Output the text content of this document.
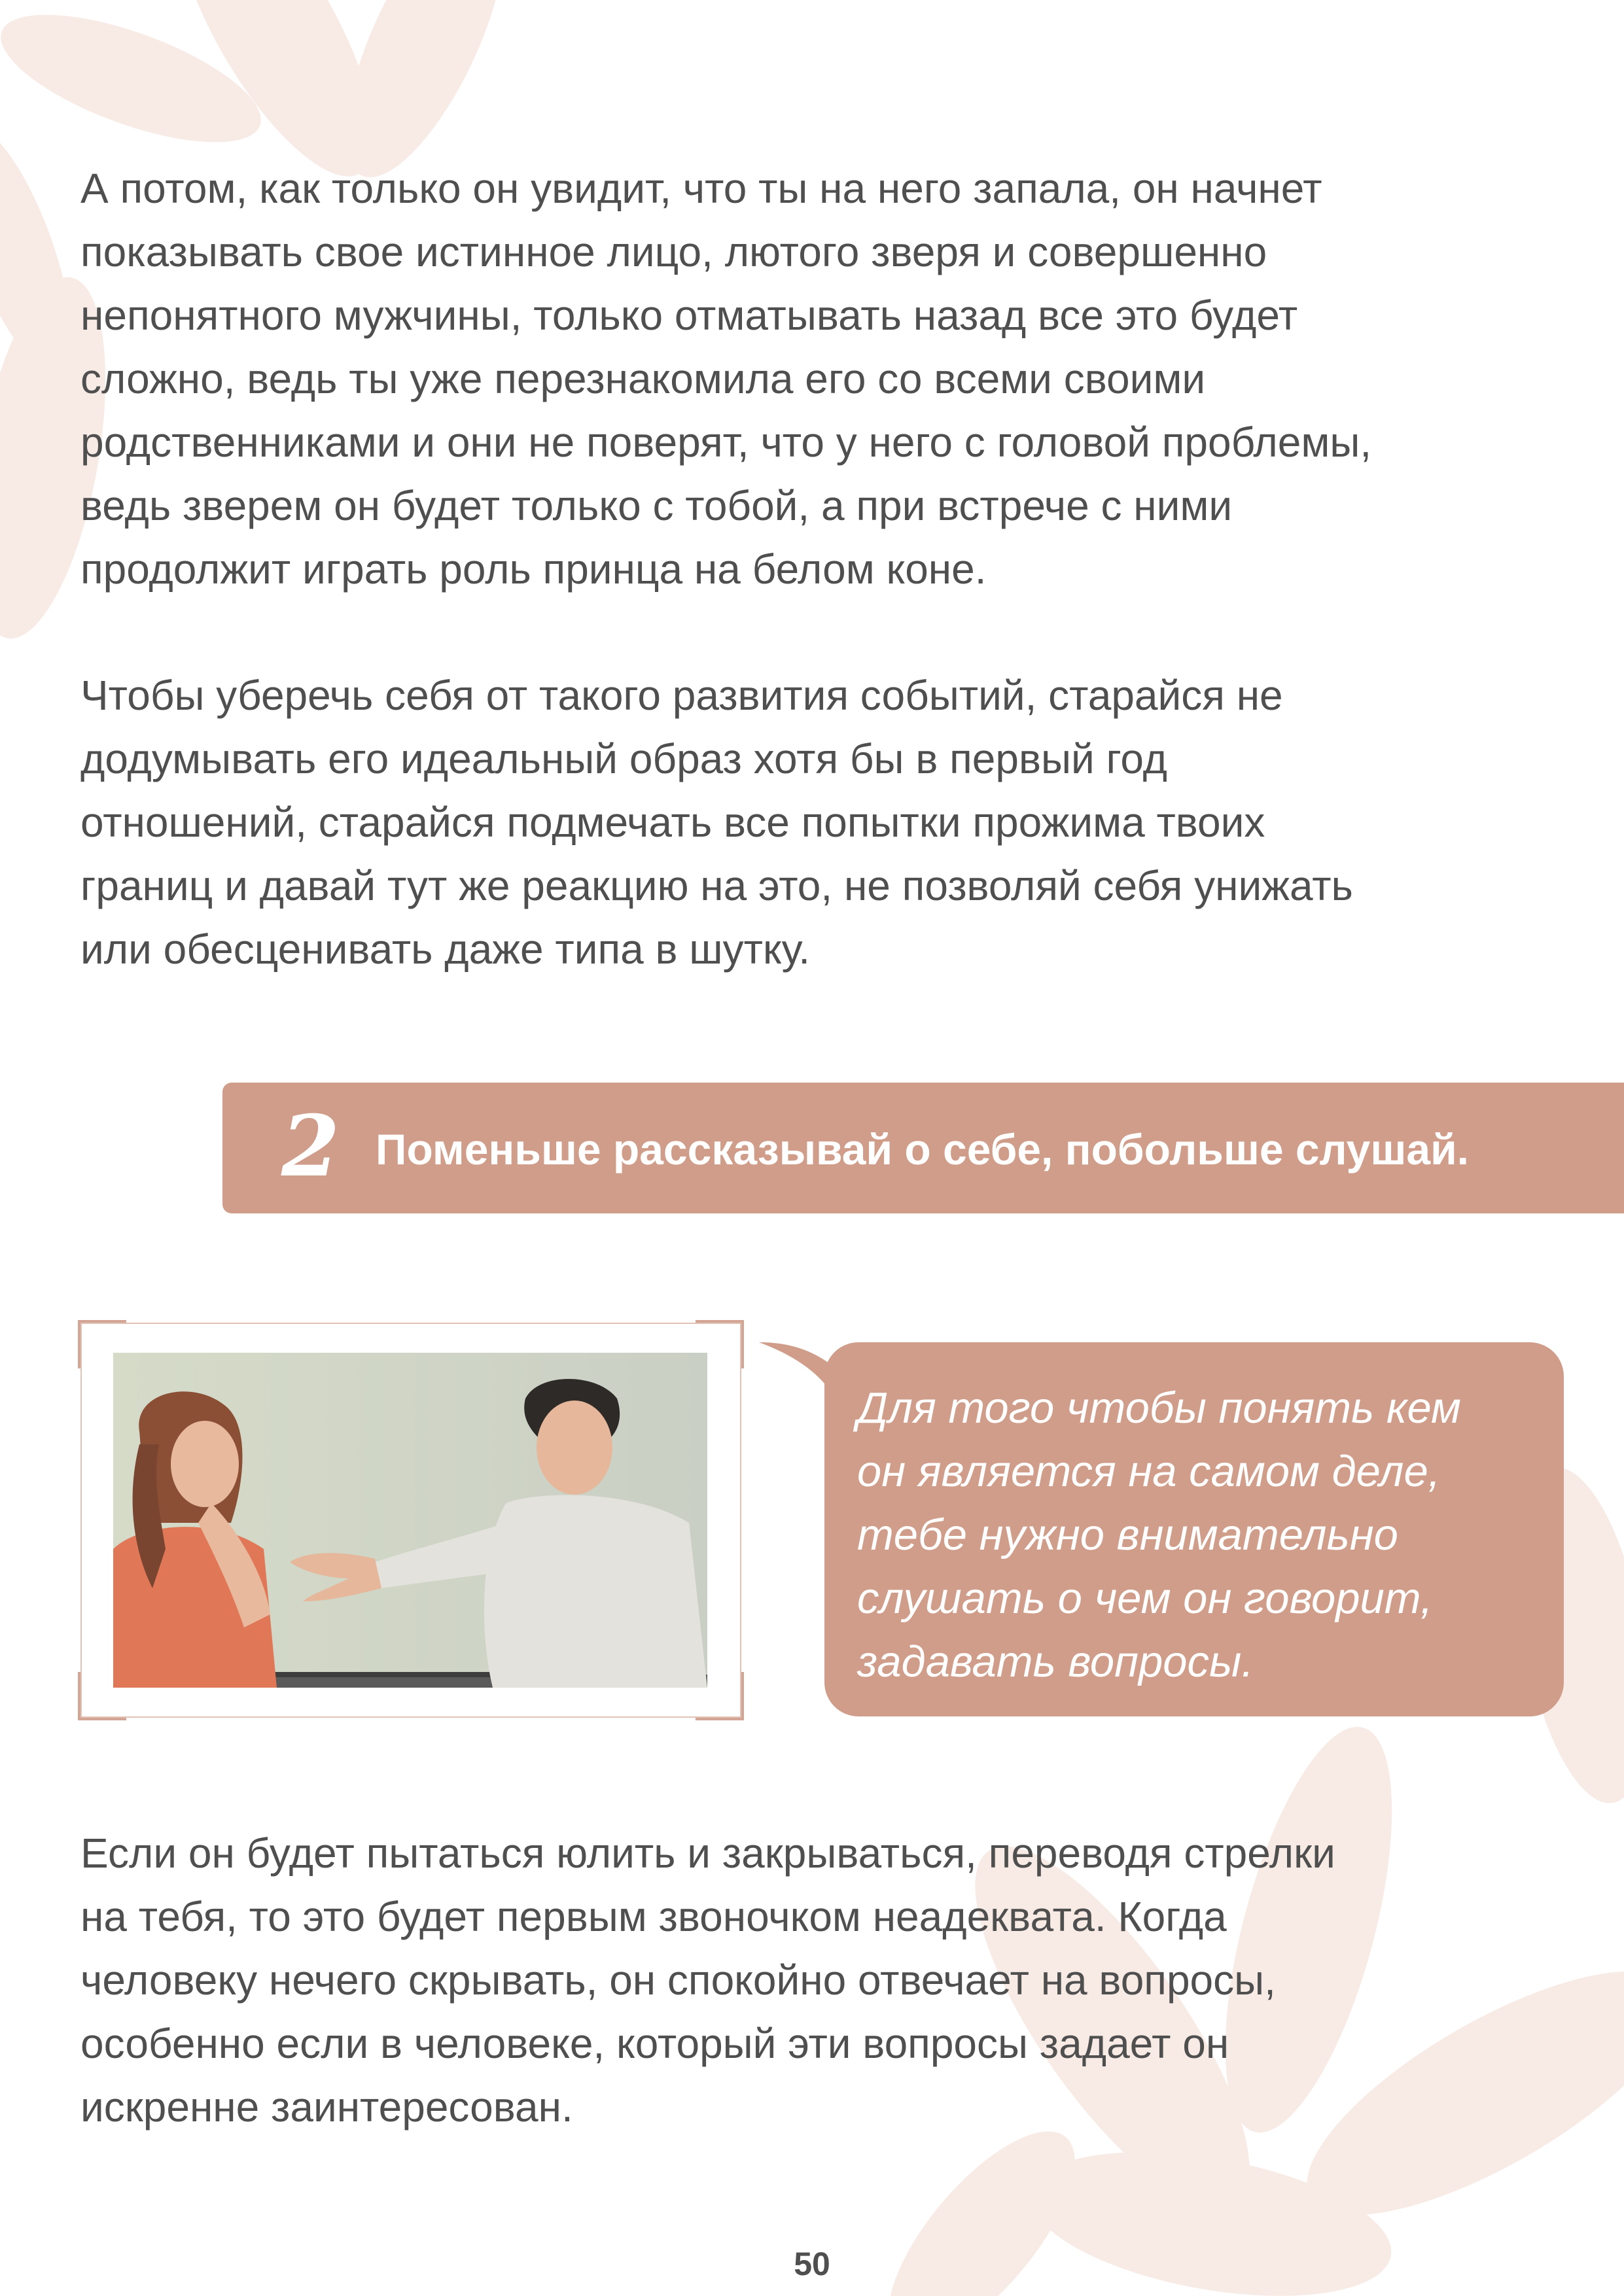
А потом, как только он увидит, что ты на него запала, он начнет
показывать свое истинное лицо, лютого зверя и совершенно
непонятного мужчины, только отматывать назад все это будет
сложно, ведь ты уже перезнакомила его со всеми своими
родственниками и они не поверят, что у него с головой проблемы,
ведь зверем он будет только с тобой, а при встрече с ними
продолжит играть роль принца на белом коне.
Чтобы уберечь себя от такого развития событий, старайся не
додумывать его идеальный образ хотя бы в первый год
отношений, старайся подмечать все попытки прожима твоих
границ и давай тут же реакцию на это, не позволяй себя унижать
или обесценивать даже типа в шутку.
2 Поменьше рассказывай о себе, побольше слушай.
Для того чтобы понять кем
он является на самом деле,
тебе нужно внимательно
слушать о чем он говорит,
задавать вопросы.
Если он будет пытаться юлить и закрываться, переводя стрелки
на тебя, то это будет первым звоночком неадеквата. Когда
человеку нечего скрывать, он спокойно отвечает на вопросы,
особенно если в человеке, который эти вопросы задает он
искренне заинтересован.
50
